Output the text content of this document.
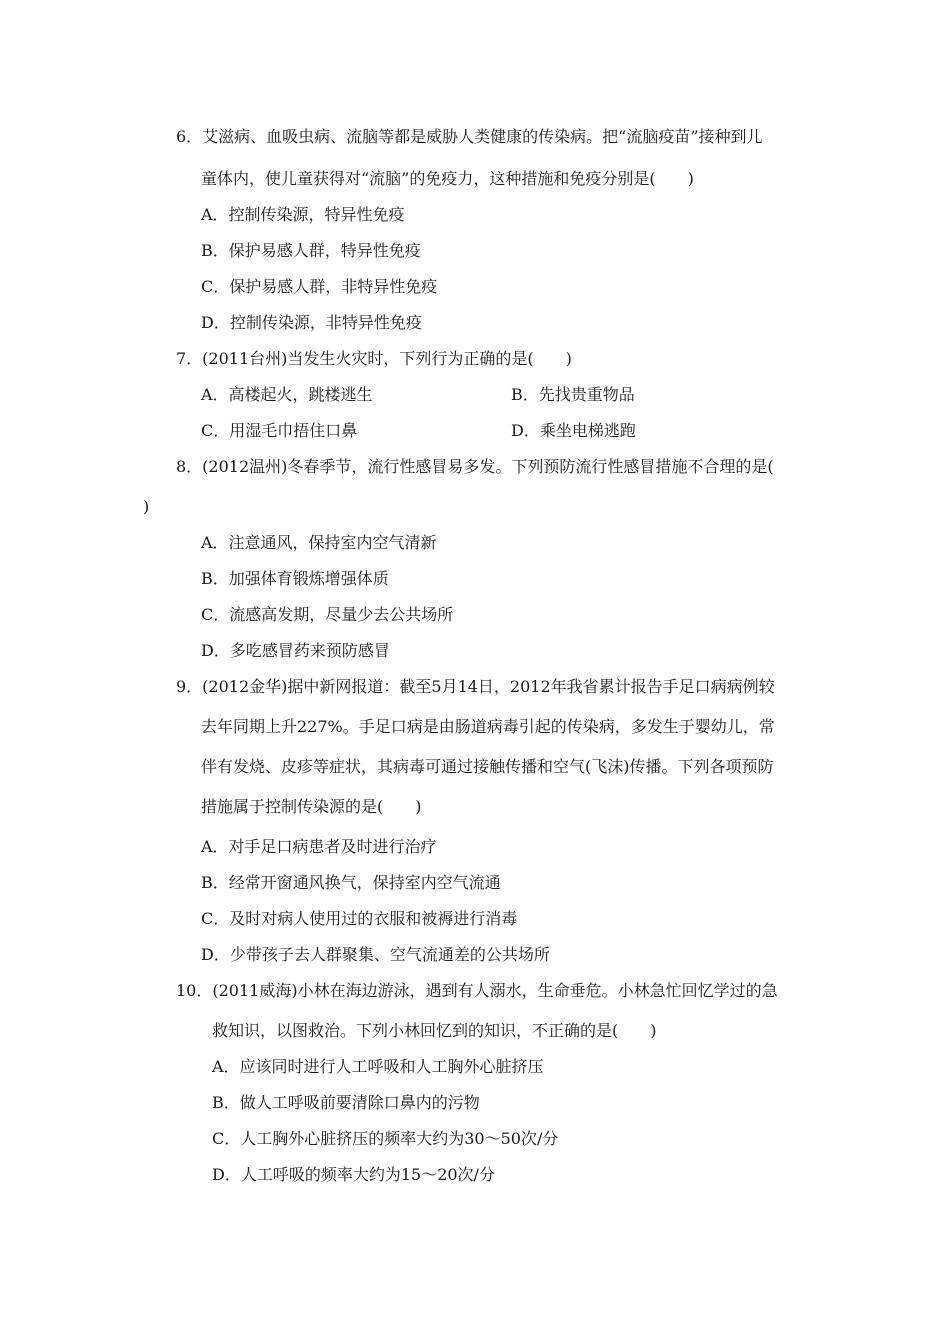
6．艾滋病、血吸虫病、流脑等都是威胁人类健康的传染病。把“流脑疫苗”接种到儿
童体内，使儿童获得对“流脑”的免疫力，这种措施和免疫分别是(　　)
A．控制传染源，特异性免疫
B．保护易感人群，特异性免疫
C．保护易感人群，非特异性免疫
D．控制传染源，非特异性免疫
7．(2011台州)当发生火灾时，下列行为正确的是(　　)
A．高楼起火，跳楼逃生	B．先找贵重物品
C．用湿毛巾捂住口鼻	D．乘坐电梯逃跑
8．(2012温州)冬春季节，流行性感冒易多发。下列预防流行性感冒措施不合理的是(
)
A．注意通风，保持室内空气清新
B．加强体育锻炼增强体质
C．流感高发期，尽量少去公共场所
D．多吃感冒药来预防感冒
9．(2012金华)据中新网报道：截至5月14日，2012年我省累计报告手足口病病例较
去年同期上升227%。手足口病是由肠道病毒引起的传染病，多发生于婴幼儿，常
伴有发烧、皮疹等症状，其病毒可通过接触传播和空气(飞沫)传播。下列各项预防
措施属于控制传染源的是(　　)
A．对手足口病患者及时进行治疗
B．经常开窗通风换气，保持室内空气流通
C．及时对病人使用过的衣服和被褥进行消毒
D．少带孩子去人群聚集、空气流通差的公共场所
10．(2011威海)小林在海边游泳，遇到有人溺水，生命垂危。小林急忙回忆学过的急
救知识，以图救治。下列小林回忆到的知识，不正确的是(　　)
A．应该同时进行人工呼吸和人工胸外心脏挤压
B．做人工呼吸前要清除口鼻内的污物
C．人工胸外心脏挤压的频率大约为30～50次/分
D．人工呼吸的频率大约为15～20次/分
